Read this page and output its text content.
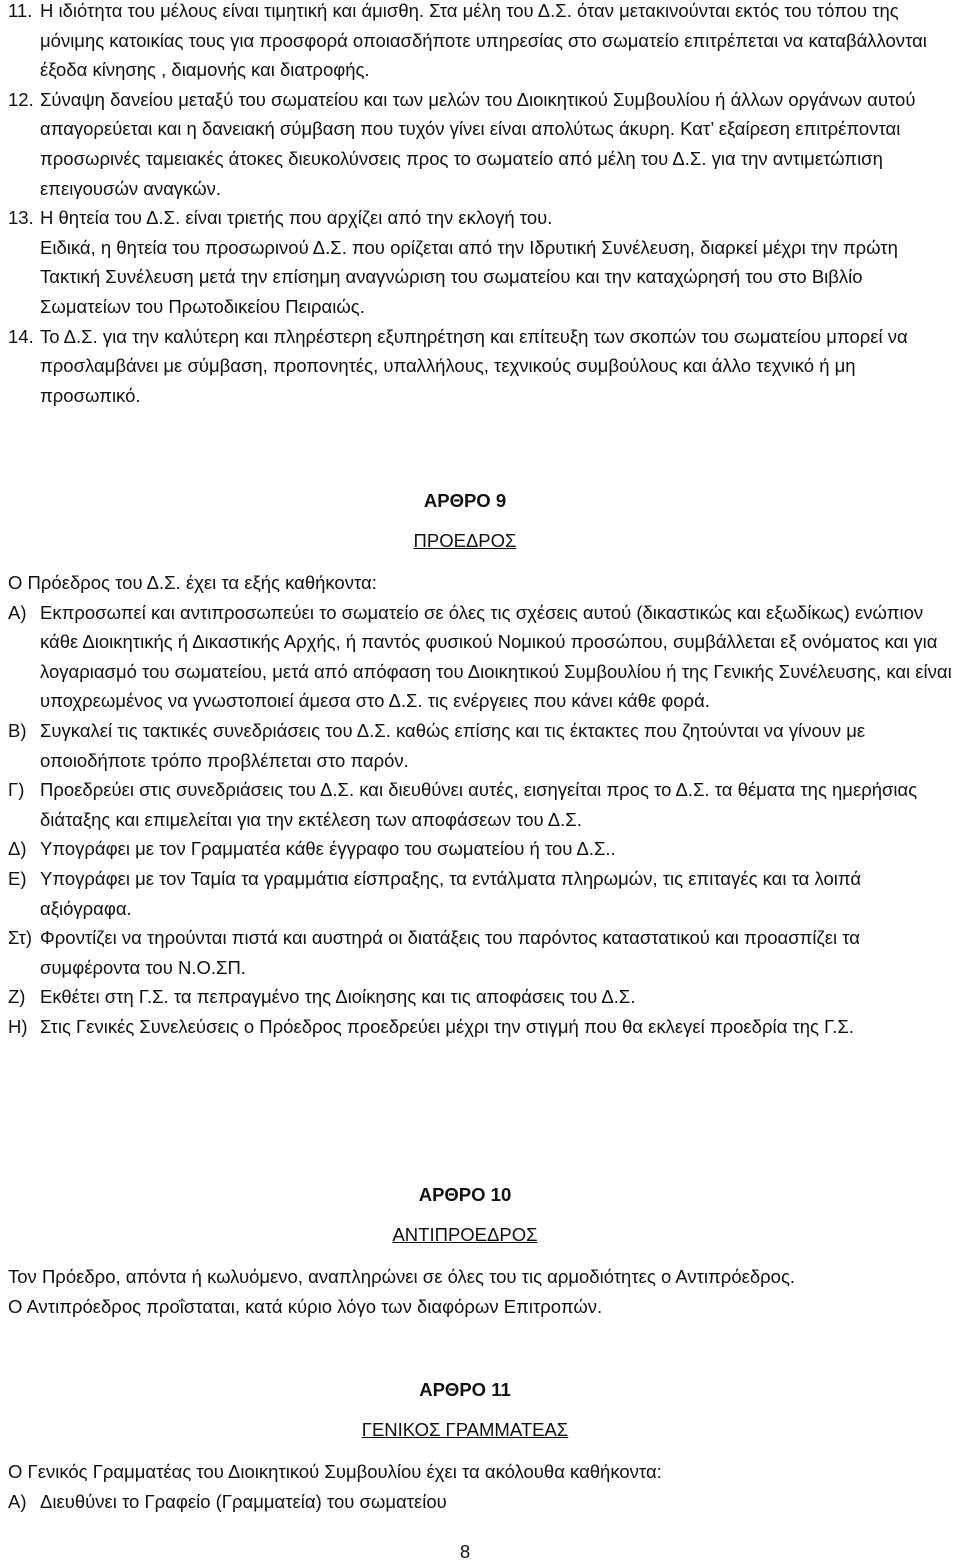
11. Η ιδιότητα του μέλους είναι τιμητική και άμισθη. Στα μέλη του Δ.Σ. όταν μετακινούνται εκτός του τόπου της μόνιμης κατοικίας τους για προσφορά οποιασδήποτε υπηρεσίας στο σωματείο επιτρέπεται να καταβάλλονται έξοδα κίνησης , διαμονής και διατροφής.

12. Σύναψη δανείου μεταξύ του σωματείου και των μελών του Διοικητικού Συμβουλίου ή άλλων οργάνων αυτού απαγορεύεται και η δανειακή σύμβαση που τυχόν γίνει είναι απολύτως άκυρη. Κατ’ εξαίρεση επιτρέπονται προσωρινές ταμειακές άτοκες διευκολύνσεις προς το σωματείο από μέλη του Δ.Σ. για την αντιμετώπιση επειγουσών αναγκών.

13. Η θητεία του Δ.Σ. είναι τριετής που αρχίζει από την εκλογή του.

Ειδικά, η θητεία του προσωρινού Δ.Σ. που ορίζεται από την Ιδρυτική Συνέλευση, διαρκεί μέχρι την πρώτη Τακτική Συνέλευση μετά την επίσημη αναγνώριση του σωματείου και την καταχώρησή του στο Βιβλίο Σωματείων του Πρωτοδικείου Πειραιώς.

14. Το Δ.Σ. για την καλύτερη και πληρέστερη εξυπηρέτηση και επίτευξη των σκοπών του σωματείου μπορεί να προσλαμβάνει με σύμβαση, προπονητές, υπαλλήλους, τεχνικούς συμβούλους και άλλο τεχνικό ή μη προσωπικό.

ΑΡΘΡΟ 9

ΠΡΟΕΔΡΟΣ

Ο Πρόεδρος του Δ.Σ. έχει τα εξής καθήκοντα:

Α) Εκπροσωπεί και αντιπροσωπεύει το σωματείο σε όλες τις σχέσεις αυτού (δικαστικώς και εξωδίκως) ενώπιον κάθε Διοικητικής ή Δικαστικής Αρχής, ή παντός φυσικού Νομικού προσώπου, συμβάλλεται εξ ονόματος και για λογαριασμό του σωματείου, μετά από απόφαση του Διοικητικού Συμβουλίου ή της Γενικής Συνέλευσης, και είναι υποχρεωμένος να γνωστοποιεί άμεσα στο Δ.Σ. τις ενέργειες που κάνει κάθε φορά.
Β) Συγκαλεί τις τακτικές συνεδριάσεις του Δ.Σ. καθώς επίσης και τις έκτακτες που ζητούνται να γίνουν με οποιοδήποτε τρόπο προβλέπεται στο παρόν.
Γ) Προεδρεύει στις συνεδριάσεις του Δ.Σ. και διευθύνει αυτές, εισηγείται προς το Δ.Σ. τα θέματα της ημερήσιας διάταξης και επιμελείται για την εκτέλεση των αποφάσεων του Δ.Σ.
Δ) Υπογράφει με τον Γραμματέα κάθε έγγραφο του σωματείου ή του Δ.Σ..
Ε) Υπογράφει με τον Ταμία τα γραμμάτια είσπραξης, τα εντάλματα πληρωμών, τις επιταγές και τα λοιπά αξιόγραφα.
Στ) Φροντίζει να τηρούνται πιστά και αυστηρά οι διατάξεις του παρόντος καταστατικού και προασπίζει τα συμφέροντα του Ν.Ο.ΣΠ.
Ζ) Εκθέτει στη Γ.Σ. τα πεπραγμένο της Διοίκησης και τις αποφάσεις του Δ.Σ.
Η) Στις Γενικές Συνελεύσεις ο Πρόεδρος προεδρεύει μέχρι την στιγμή που θα εκλεγεί προεδρία της Γ.Σ.

ΑΡΘΡΟ 10

ΑΝΤΙΠΡΟΕΔΡΟΣ

Τον Πρόεδρο, απόντα ή κωλυόμενο, αναπληρώνει σε όλες του τις αρμοδιότητες ο Αντιπρόεδρος.

Ο Αντιπρόεδρος προΐσταται, κατά κύριο λόγο των διαφόρων Επιτροπών.

ΑΡΘΡΟ 11

ΓΕΝΙΚΟΣ ΓΡΑΜΜΑΤΕΑΣ

Ο Γενικός Γραμματέας του Διοικητικού Συμβουλίου έχει τα ακόλουθα καθήκοντα:

Α) Διευθύνει το Γραφείο (Γραμματεία) του σωματείου
8
